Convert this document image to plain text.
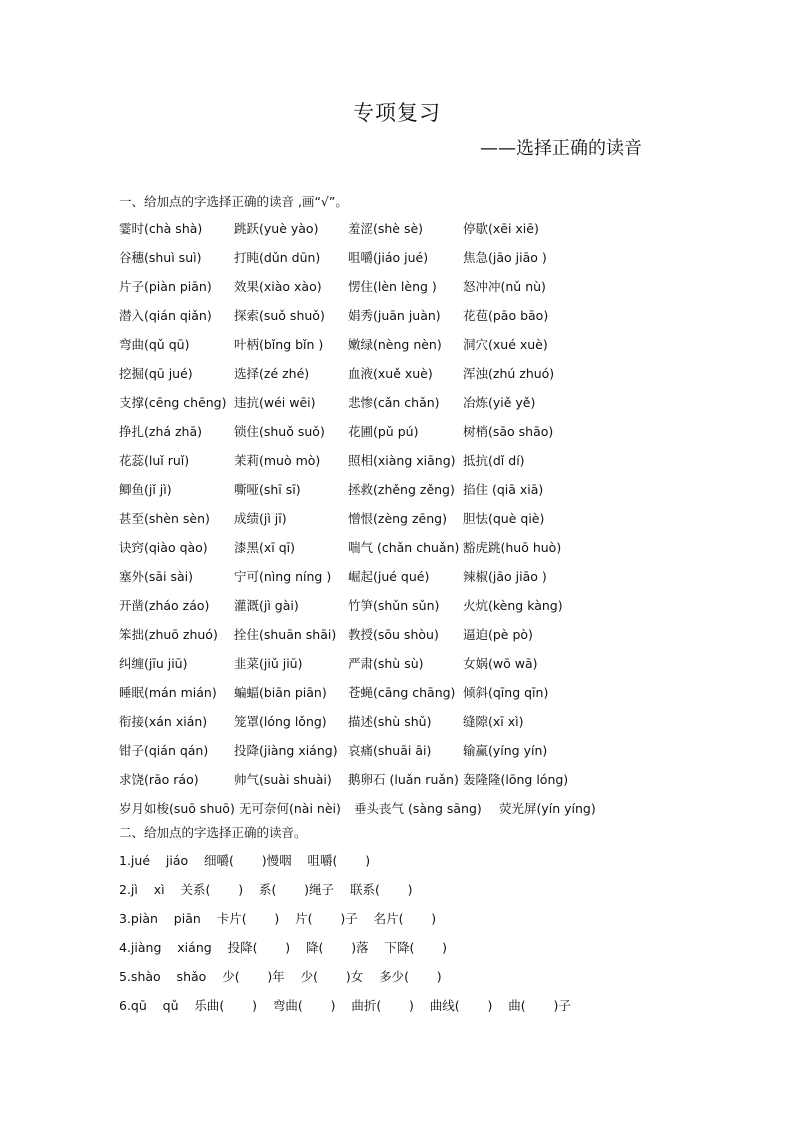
专项复习
——选择正确的读音
一、给加点的字选择正确的读音 ,画“√”。
霎时(chà shà)	跳跃(yuè yào) 羞涩(shè sè)	停歇(xēi xiē)
谷穗(shuì suì)	打盹(dǔn dūn) 咀嚼(jiáo jué)	焦急(jāo jiāo )
片子(piàn piān) 效果(xiào xào) 愣住(lèn lèng ) 怒冲冲(nǔ nù)
潜入(qián qiǎn) 探索(suǒ shuǒ) 娟秀(juān juàn) 花苞(pāo bāo)
弯曲(qǔ qū)	叶柄(bǐng bǐn ) 嫩绿(nèng nèn) 洞穴(xué xuè)
挖掘(qū jué)	选择(zé zhé)	血液(xuě xuè) 浑浊(zhú zhuó)
支撑(cēng chēng) 违抗(wéi wēi)	悲惨(cǎn chǎn) 冶炼(yiě yě)
挣扎(zhá zhā)	锁住(shuǒ suǒ) 花圃(pǔ pú)	树梢(sāo shāo)
花蕊(luǐ ruǐ)	茉莉(muò mò) 照相(xiàng xiāng) 抵抗(dǐ dí)
鲫鱼(jǐ jì)	嘶哑(shī sī)	拯救(zhěng zěng) 掐住 (qiā xiā)
甚至(shèn sèn) 成绩(jì jī)	憎恨(zèng zēng) 胆怯(què qiè)
诀窍(qiào qào) 漆黑(xī qī)	喘气 (chǎn chuǎn) 豁虎跳(huō huò)
塞外(sāi sài)	宁可(nìng níng ) 崛起(jué qué)	辣椒(jāo jiāo )
开凿(zháo záo) 灌溉(jì gài)	竹笋(shǔn sǔn) 火炕(kèng kàng)
笨拙(zhuō zhuó) 拴住(shuān shāi) 教授(sōu shòu) 逼迫(pè pò)
纠缠(jīu jiū)	韭菜(jiǔ jiū)	严肃(shù sù)	女娲(wō wā)
睡眠(mán mián) 蝙蝠(biān piān) 苍蝇(cāng chāng) 倾斜(qīng qīn)
衔接(xán xián) 笼罩(lóng lǒng) 描述(shù shǔ)	缝隙(xī xì)
钳子(qián qán) 投降(jiàng xiáng) 哀痛(shuāi āi)	输赢(yíng yín)
求饶(rāo ráo)	帅气(suài shuài) 鹅卵石 (luǎn ruǎn) 轰隆隆(lōng lóng)
岁月如梭(suō shuō) 无可奈何(nài nèi) 垂头丧气 (sàng sāng) 荧光屏(yín yíng)
二、给加点的字选择正确的读音。
1.jué    jiáo    细嚼(       )慢咽    咀嚼(       )
2.jì    xì    关系(       )    系(       )绳子    联系(       )
3.piàn    piān    卡片(       )    片(       )子    名片(       )
4.jiàng    xiáng    投降(       )    降(       )落    下降(       )
5.shào    shǎo    少(       )年    少(       )女    多少(       )
6.qū    qǔ    乐曲(       )    弯曲(       )    曲折(       )    曲线(       )    曲(       )子
